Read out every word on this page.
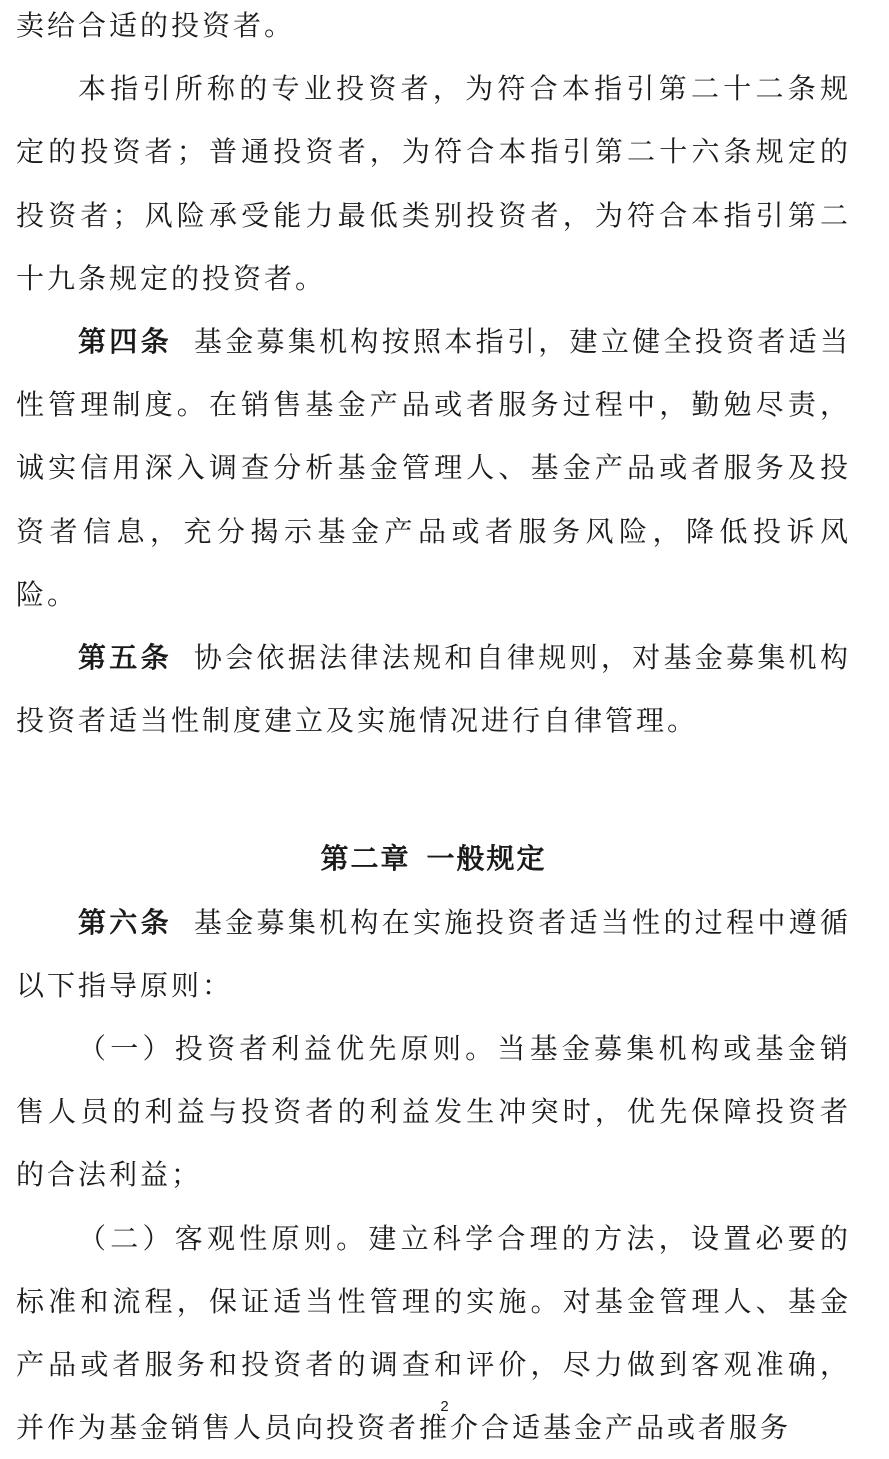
卖给合适的投资者。

本指引所称的专业投资者，为符合本指引第二十二条规定的投资者；普通投资者，为符合本指引第二十六条规定的投资者；风险承受能力最低类别投资者，为符合本指引第二十九条规定的投资者。

第四条 基金募集机构按照本指引，建立健全投资者适当性管理制度。在销售基金产品或者服务过程中，勤勉尽责，诚实信用深入调查分析基金管理人、基金产品或者服务及投资者信息，充分揭示基金产品或者服务风险，降低投诉风险。

第五条 协会依据法律法规和自律规则，对基金募集机构投资者适当性制度建立及实施情况进行自律管理。

第二章 一般规定

第六条 基金募集机构在实施投资者适当性的过程中遵循以下指导原则：

（一）投资者利益优先原则。当基金募集机构或基金销售人员的利益与投资者的利益发生冲突时，优先保障投资者的合法利益；

（二）客观性原则。建立科学合理的方法，设置必要的标准和流程，保证适当性管理的实施。对基金管理人、基金产品或者服务和投资者的调查和评价，尽力做到客观准确，并作为基金销售人员向投资者推介合适基金产品或者服务

2
